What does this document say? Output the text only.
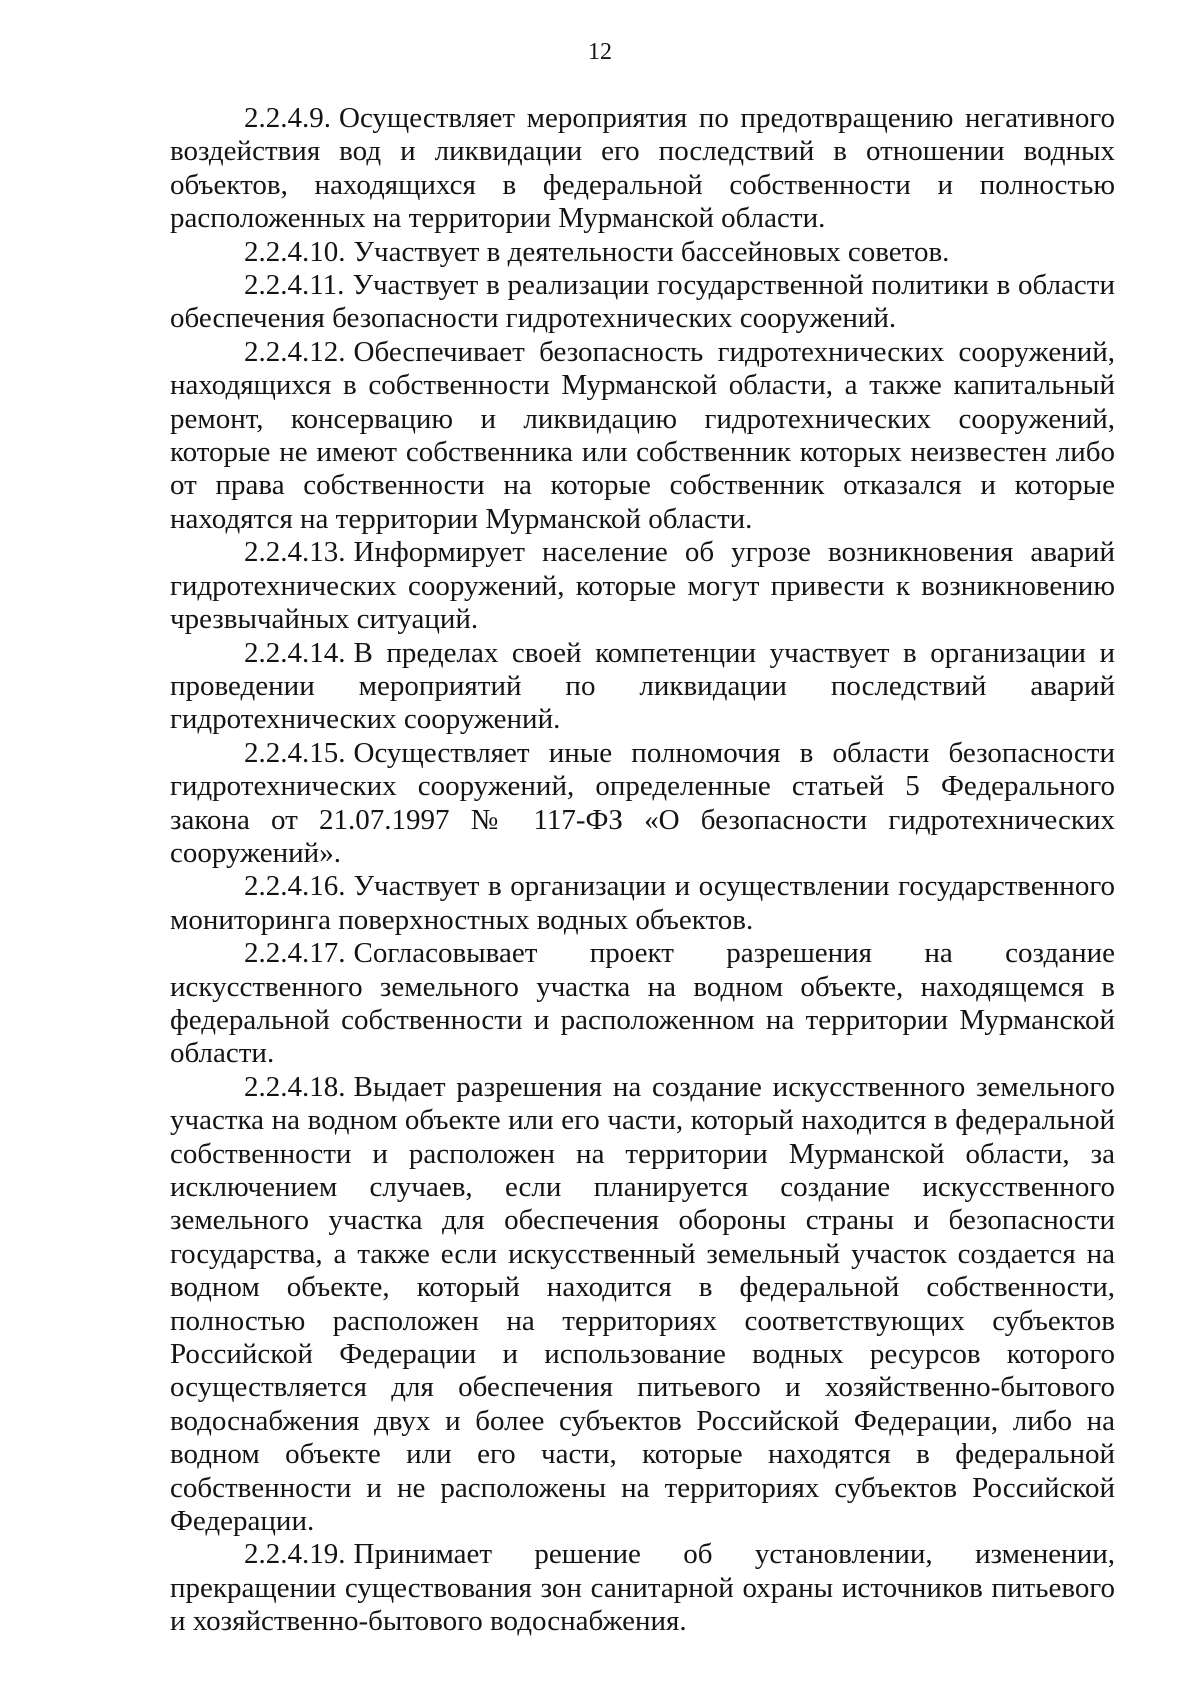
12

2.2.4.9. Осуществляет мероприятия по предотвращению негативного воздействия вод и ликвидации его последствий в отношении водных объектов, находящихся в федеральной собственности и полностью расположенных на территории Мурманской области.

2.2.4.10. Участвует в деятельности бассейновых советов.

2.2.4.11. Участвует в реализации государственной политики в области обеспечения безопасности гидротехнических сооружений.

2.2.4.12. Обеспечивает безопасность гидротехнических сооружений, находящихся в собственности Мурманской области, а также капитальный ремонт, консервацию и ликвидацию гидротехнических сооружений, которые не имеют собственника или собственник которых неизвестен либо от права собственности на которые собственник отказался и которые находятся на территории Мурманской области.

2.2.4.13. Информирует население об угрозе возникновения аварий гидротехнических сооружений, которые могут привести к возникновению чрезвычайных ситуаций.

2.2.4.14. В пределах своей компетенции участвует в организации и проведении мероприятий по ликвидации последствий аварий гидротехнических сооружений.

2.2.4.15. Осуществляет иные полномочия в области безопасности гидротехнических сооружений, определенные статьей 5 Федерального закона от 21.07.1997 № 117-ФЗ «О безопасности гидротехнических сооружений».

2.2.4.16. Участвует в организации и осуществлении государственного мониторинга поверхностных водных объектов.

2.2.4.17. Согласовывает проект разрешения на создание искусственного земельного участка на водном объекте, находящемся в федеральной собственности и расположенном на территории Мурманской области.

2.2.4.18. Выдает разрешения на создание искусственного земельного участка на водном объекте или его части, который находится в федеральной собственности и расположен на территории Мурманской области, за исключением случаев, если планируется создание искусственного земельного участка для обеспечения обороны страны и безопасности государства, а также если искусственный земельный участок создается на водном объекте, который находится в федеральной собственности, полностью расположен на территориях соответствующих субъектов Российской Федерации и использование водных ресурсов которого осуществляется для обеспечения питьевого и хозяйственно-бытового водоснабжения двух и более субъектов Российской Федерации, либо на водном объекте или его части, которые находятся в федеральной собственности и не расположены на территориях субъектов Российской Федерации.

2.2.4.19. Принимает решение об установлении, изменении, прекращении существования зон санитарной охраны источников питьевого и хозяйственно-бытового водоснабжения.
